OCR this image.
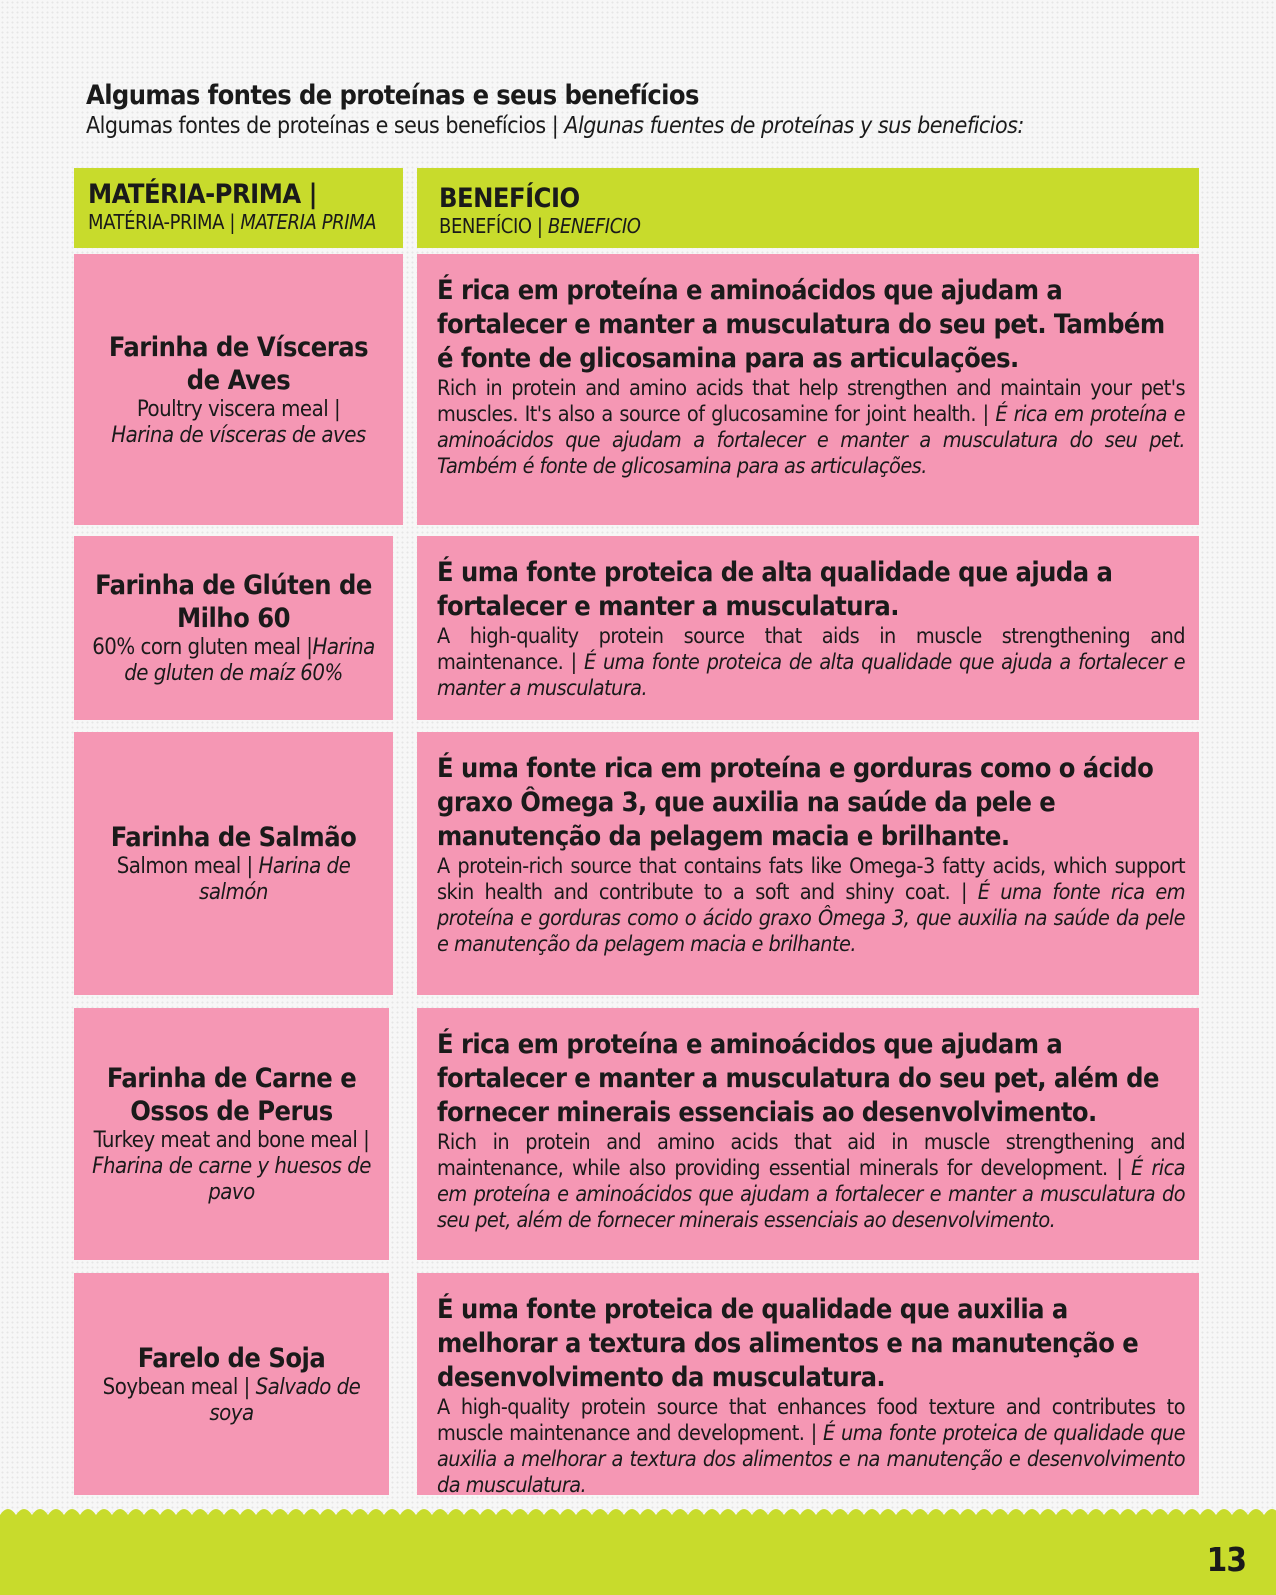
Algumas fontes de proteínas e seus benefícios
Algumas fontes de proteínas e seus benefícios | Algunas fuentes de proteínas y sus beneficios:
MATÉRIA-PRIMA |
MATÉRIA-PRIMA | MATERIA PRIMA
BENEFÍCIO
BENEFÍCIO | BENEFICIO
Farinha de Vísceras de Aves
Poultry viscera meal |
Harina de vísceras de aves
É rica em proteína e aminoácidos que ajudam a fortalecer e manter a musculatura do seu pet. Também é fonte de glicosamina para as articulações.
Rich in protein and amino acids that help strengthen and maintain your pet's muscles. It's also a source of glucosamine for joint health. | É rica em proteína e aminoácidos que ajudam a fortalecer e manter a musculatura do seu pet. Também é fonte de glicosamina para as articulações.
Farinha de Glúten de Milho 60
60% corn gluten meal |Harina de gluten de maíz 60%
É uma fonte proteica de alta qualidade que ajuda a fortalecer e manter a musculatura.
A high-quality protein source that aids in muscle strengthening and maintenance. | É uma fonte proteica de alta qualidade que ajuda a fortalecer e manter a musculatura.
Farinha de Salmão
Salmon meal | Harina de salmón
É uma fonte rica em proteína e gorduras como o ácido graxo Ômega 3, que auxilia na saúde da pele e manutenção da pelagem macia e brilhante.
A protein-rich source that contains fats like Omega-3 fatty acids, which support skin health and contribute to a soft and shiny coat. | É uma fonte rica em proteína e gorduras como o ácido graxo Ômega 3, que auxilia na saúde da pele e manutenção da pelagem macia e brilhante.
Farinha de Carne e Ossos de Perus
Turkey meat and bone meal | Fharina de carne y huesos de pavo
É rica em proteína e aminoácidos que ajudam a fortalecer e manter a musculatura do seu pet, além de fornecer minerais essenciais ao desenvolvimento.
Rich in protein and amino acids that aid in muscle strengthening and maintenance, while also providing essential minerals for development. | É rica em proteína e aminoácidos que ajudam a fortalecer e manter a musculatura do seu pet, além de fornecer minerais essenciais ao desenvolvimento.
Farelo de Soja
Soybean meal | Salvado de soya
É uma fonte proteica de qualidade que auxilia a melhorar a textura dos alimentos e na manutenção e desenvolvimento da musculatura.
A high-quality protein source that enhances food texture and contributes to muscle maintenance and development. | É uma fonte proteica de qualidade que auxilia a melhorar a textura dos alimentos e na manutenção e desenvolvimento da musculatura.
13
